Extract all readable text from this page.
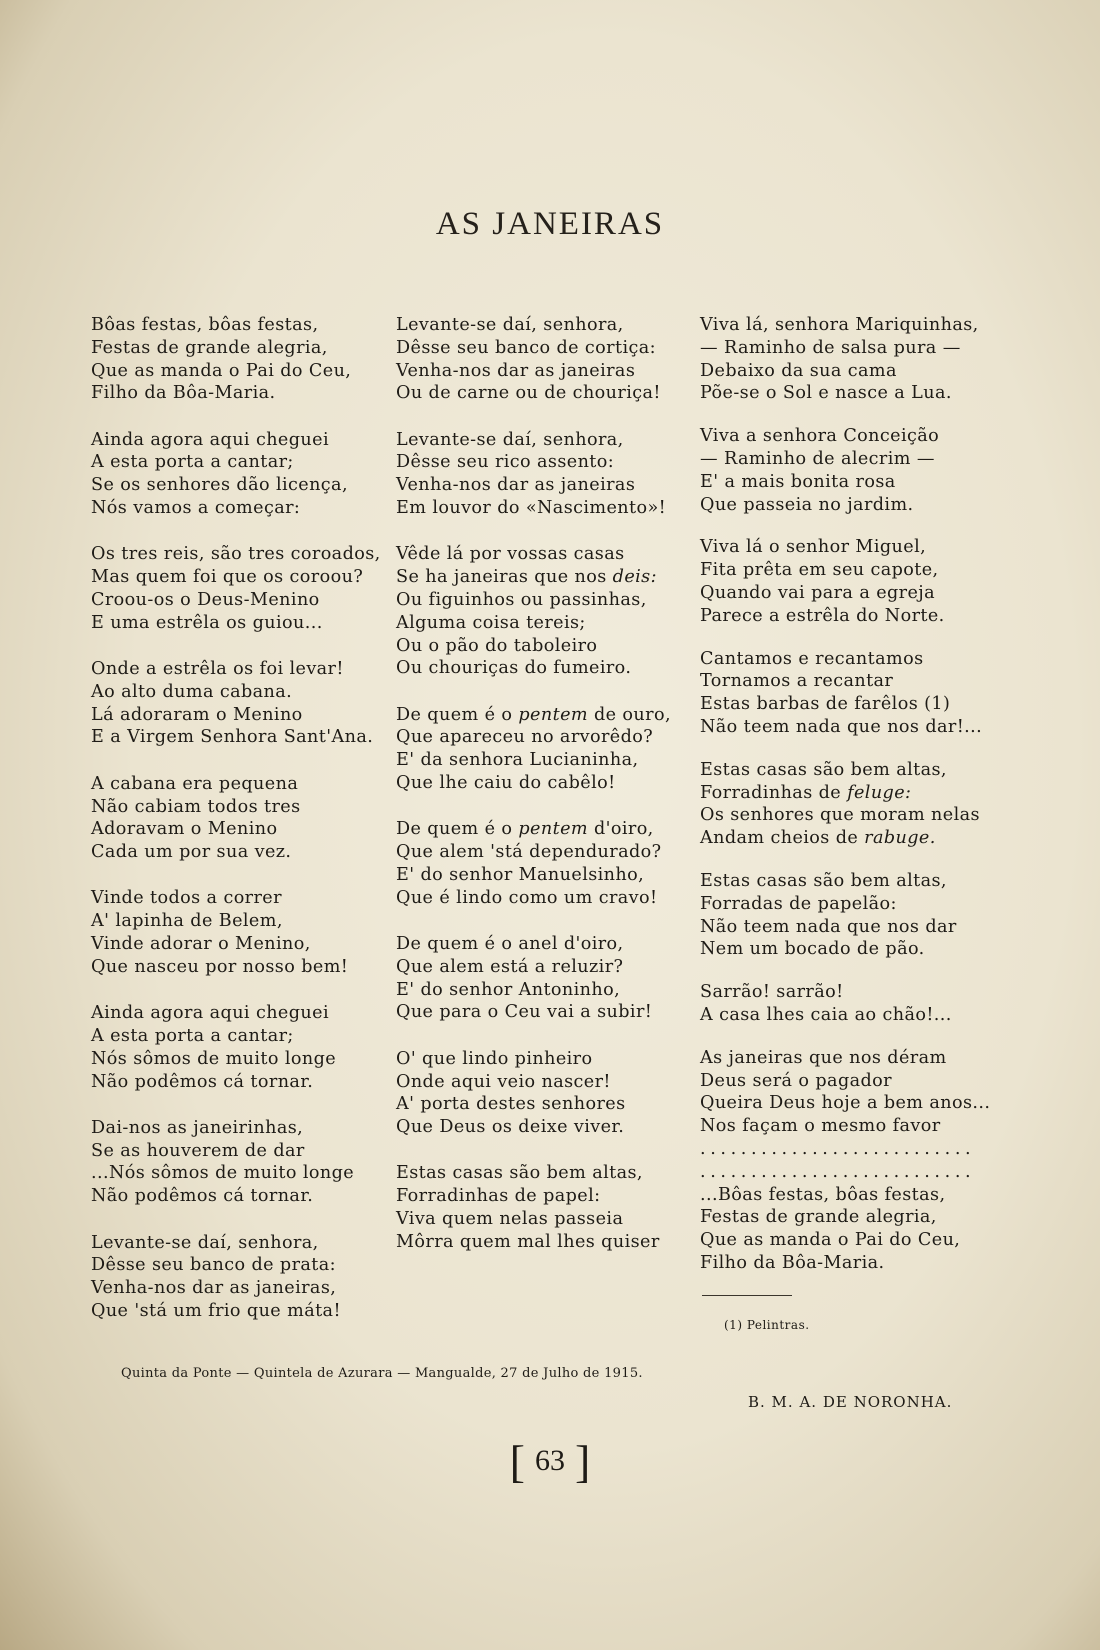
AS JANEIRAS
Bôas festas, bôas festas,
Festas de grande alegria,
Que as manda o Pai do Ceu,
Filho da Bôa-Maria.
Ainda agora aqui cheguei
A esta porta a cantar;
Se os senhores dão licença,
Nós vamos a começar:
Os tres reis, são tres coroados,
Mas quem foi que os coroou?
Croou-os o Deus-Menino
E uma estrêla os guiou...
Onde a estrêla os foi levar!
Ao alto duma cabana.
Lá adoraram o Menino
E a Virgem Senhora Sant'Ana.
A cabana era pequena
Não cabiam todos tres
Adoravam o Menino
Cada um por sua vez.
Vinde todos a correr
A' lapinha de Belem,
Vinde adorar o Menino,
Que nasceu por nosso bem!
Ainda agora aqui cheguei
A esta porta a cantar;
Nós sômos de muito longe
Não podêmos cá tornar.
Dai-nos as janeirinhas,
Se as houverem de dar
...Nós sômos de muito longe
Não podêmos cá tornar.
Levante-se daí, senhora,
Dêsse seu banco de prata:
Venha-nos dar as janeiras,
Que 'stá um frio que máta!
Levante-se daí, senhora,
Dêsse seu banco de cortiça:
Venha-nos dar as janeiras
Ou de carne ou de chouriça!
Levante-se daí, senhora,
Dêsse seu rico assento:
Venha-nos dar as janeiras
Em louvor do «Nascimento»!
Vêde lá por vossas casas
Se ha janeiras que nos deis:
Ou figuinhos ou passinhas,
Alguma coisa tereis;
Ou o pão do taboleiro
Ou chouriças do fumeiro.
De quem é o pentem de ouro,
Que apareceu no arvorêdo?
E' da senhora Lucianinha,
Que lhe caiu do cabêlo!
De quem é o pentem d'oiro,
Que alem 'stá dependurado?
E' do senhor Manuelsinho,
Que é lindo como um cravo!
De quem é o anel d'oiro,
Que alem está a reluzir?
E' do senhor Antoninho,
Que para o Ceu vai a subir!
O' que lindo pinheiro
Onde aqui veio nascer!
A' porta destes senhores
Que Deus os deixe viver.
Estas casas são bem altas,
Forradinhas de papel:
Viva quem nelas passeia
Môrra quem mal lhes quiser
Viva lá, senhora Mariquinhas,
— Raminho de salsa pura —
Debaixo da sua cama
Põe-se o Sol e nasce a Lua.
Viva a senhora Conceição
— Raminho de alecrim —
E' a mais bonita rosa
Que passeia no jardim.
Viva lá o senhor Miguel,
Fita prêta em seu capote,
Quando vai para a egreja
Parece a estrêla do Norte.
Cantamos e recantamos
Tornamos a recantar
Estas barbas de farêlos (1)
Não teem nada que nos dar!...
Estas casas são bem altas,
Forradinhas de feluge:
Os senhores que moram nelas
Andam cheios de rabuge.
Estas casas são bem altas,
Forradas de papelão:
Não teem nada que nos dar
Nem um bocado de pão.
Sarrão! sarrão!
A casa lhes caia ao chão!...
As janeiras que nos déram
Deus será o pagador
Queira Deus hoje a bem anos...
Nos façam o mesmo favor
...........................
...........................
...Bôas festas, bôas festas,
Festas de grande alegria,
Que as manda o Pai do Ceu,
Filho da Bôa-Maria.
(1) Pelintras.
Quinta da Ponte — Quintela de Azurara — Mangualde, 27 de Julho de 1915.
B. M. A. DE NORONHA.
[ 63 ]
